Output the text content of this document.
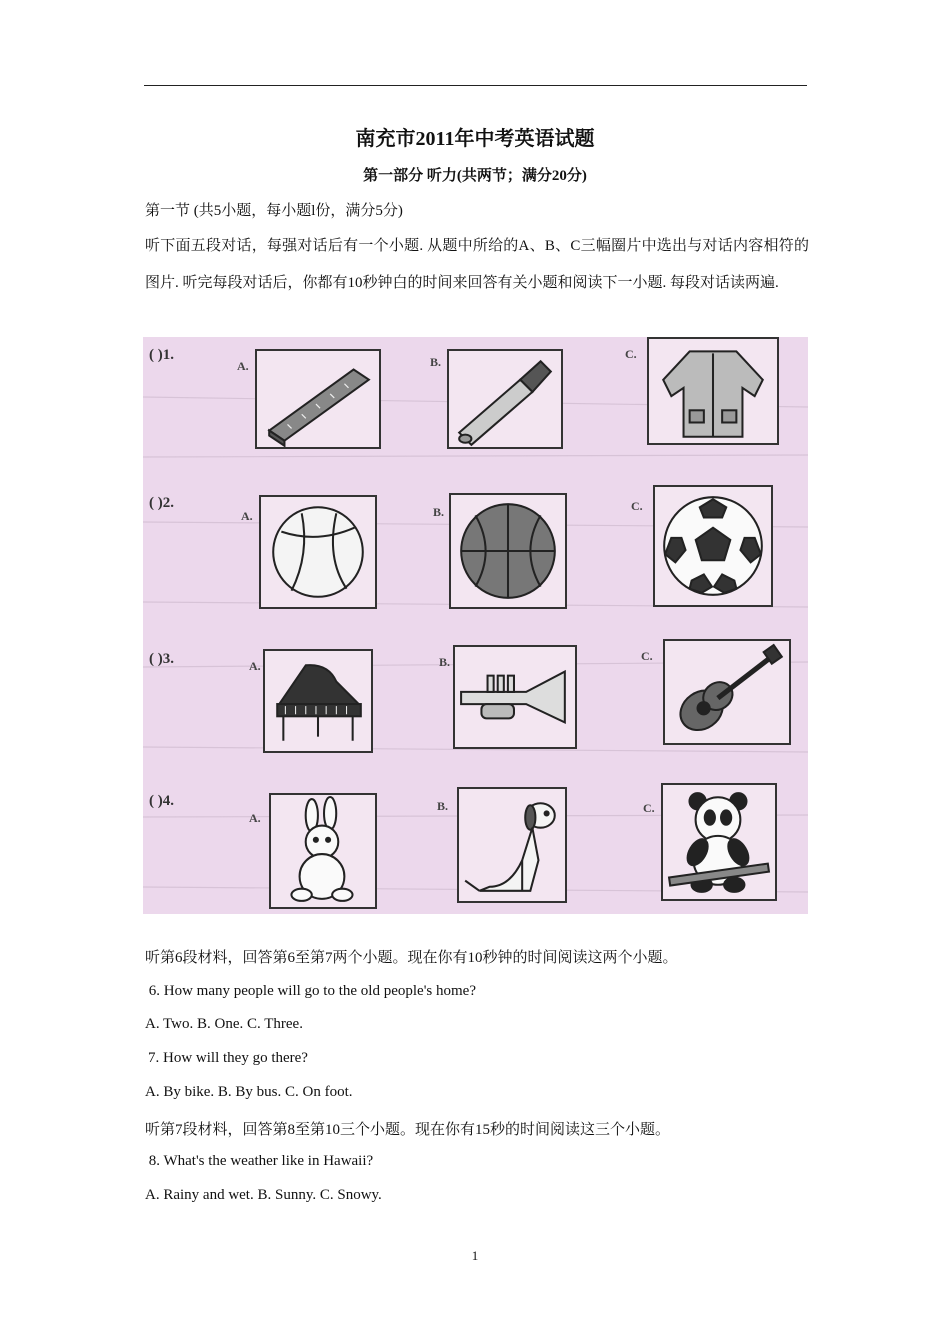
南充市2011年中考英语试题
第一部分 听力(共两节；满分20分)
第一节 (共5小题，每小题l份，满分5分)
听下面五段对话，每强对话后有一个小题. 从题中所给的A、B、C三幅圈片中选出与对话内容相符的图片. 听完每段对话后，你都有10秒钟白的时间来回答有关小题和阅读下一小题. 每段对话读两遍.
( )1.
A.	B.
C.
( )2.
A.	B.	C.
( )3.	A.	B.	C.
( )4.
A.
B.	C.
听第6段材料，回答第6至第7两个小题。现在你有10秒钟的时间阅读这两个小题。
6. How many people will go to the old people's home?
A. Two. B. One. C. Three.
7. How will they go there?
A. By bike. B. By bus. C. On foot.
听第7段材料，回答第8至第10三个小题。现在你有15秒的时间阅读这三个小题。
8. What's the weather like in Hawaii?
A. Rainy and wet. B. Sunny. C. Snowy.
1
